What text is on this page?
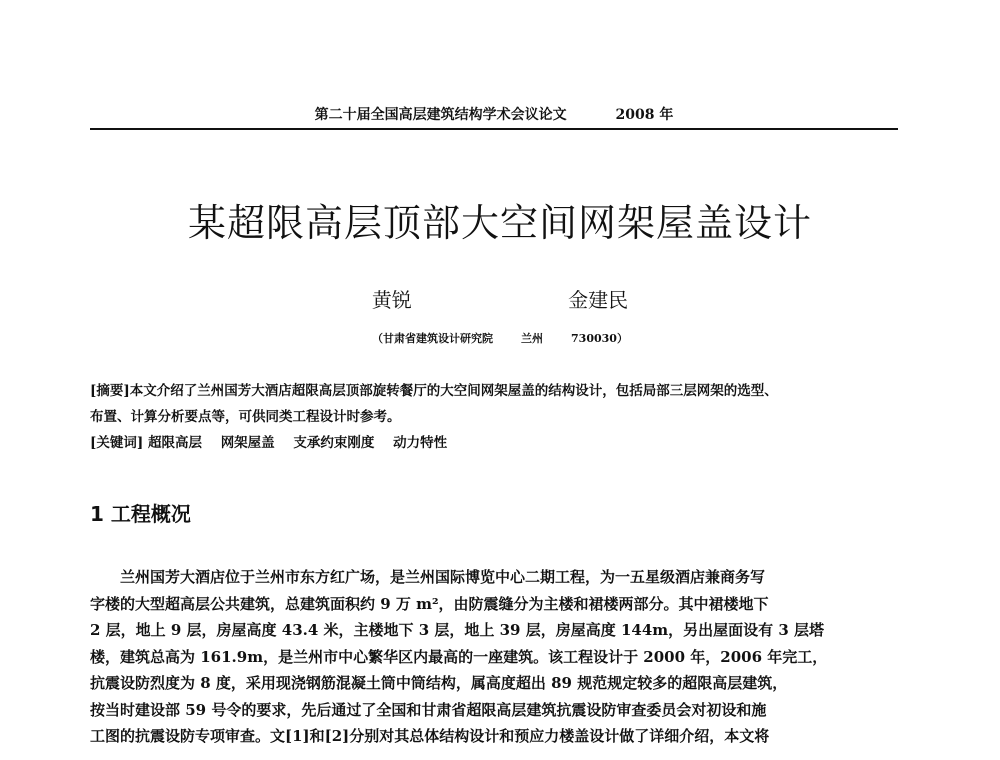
第二十届全国高层建筑结构学术会议论文	2008 年
某超限高层顶部大空间网架屋盖设计
黄锐	金建民
（甘肃省建筑设计研究院	兰州	730030）
[摘要]本文介绍了兰州国芳大酒店超限高层顶部旋转餐厅的大空间网架屋盖的结构设计，包括局部三层网架的选型、
布置、计算分析要点等，可供同类工程设计时参考。
[关键词] 超限高层 网架屋盖 支承约束刚度 动力特性
1 工程概况
兰州国芳大酒店位于兰州市东方红广场，是兰州国际博览中心二期工程，为一五星级酒店兼商务写
字楼的大型超高层公共建筑，总建筑面积约 9 万 m²，由防震缝分为主楼和裙楼两部分。其中裙楼地下
2 层，地上 9 层，房屋高度 43.4 米，主楼地下 3 层，地上 39 层，房屋高度 144m，另出屋面设有 3 层塔
楼，建筑总高为 161.9m，是兰州市中心繁华区内最高的一座建筑。该工程设计于 2000 年，2006 年完工，
抗震设防烈度为 8 度，采用现浇钢筋混凝土筒中筒结构，属高度超出 89 规范规定较多的超限高层建筑，
按当时建设部 59 号令的要求，先后通过了全国和甘肃省超限高层建筑抗震设防审查委员会对初设和施
工图的抗震设防专项审查。文[1]和[2]分别对其总体结构设计和预应力楼盖设计做了详细介绍，本文将
